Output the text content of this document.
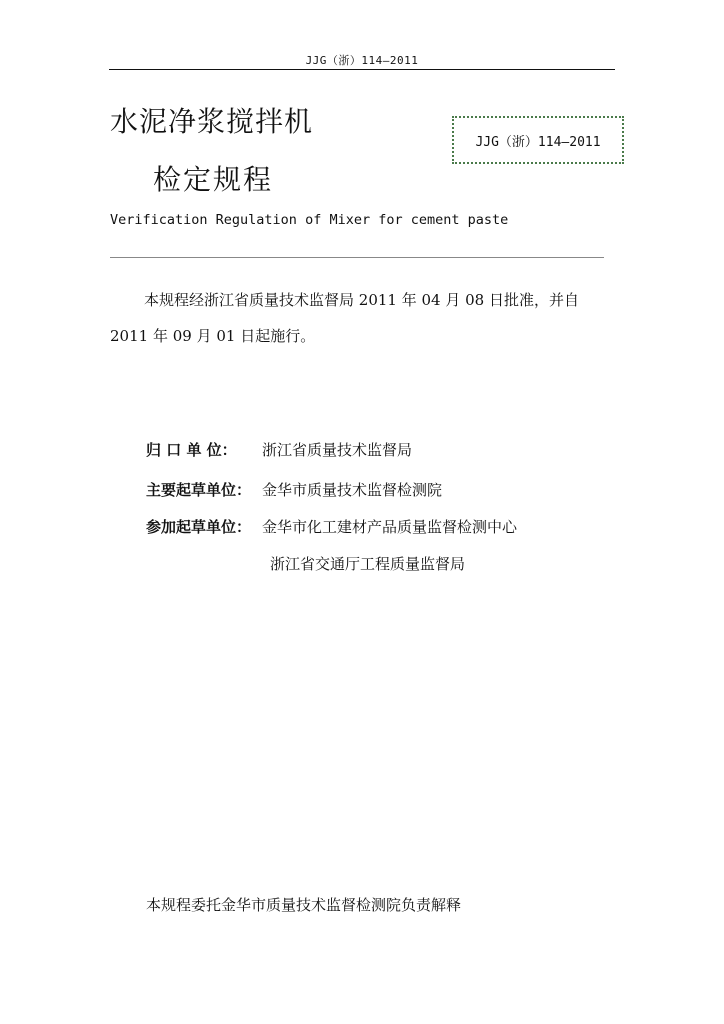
JJG（浙）114—2011
水泥净浆搅拌机
检定规程
JJG（浙）114—2011
Verification Regulation of Mixer for cement paste
本规程经浙江省质量技术监督局 2011 年 04 月 08 日批准，并自 2011 年 09 月 01 日起施行。
归 口 单 位： 浙江省质量技术监督局
主要起草单位： 金华市质量技术监督检测院
参加起草单位： 金华市化工建材产品质量监督检测中心
浙江省交通厅工程质量监督局
本规程委托金华市质量技术监督检测院负责解释
